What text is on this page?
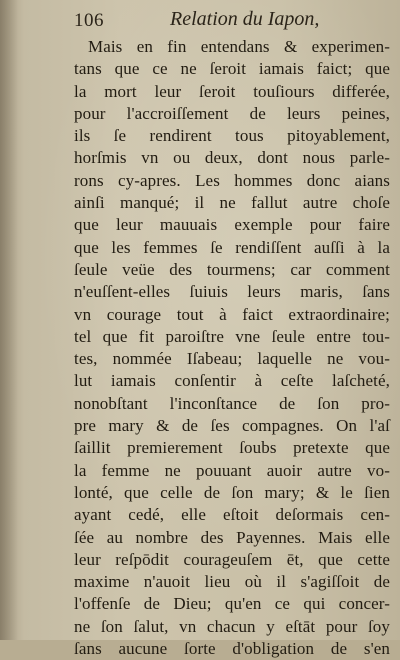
106	Relation du Iapon,
Mais en fin entendans & experimen-
tans que ce ne ſeroit iamais faict; que
la mort leur ſeroit touſiours differée,
pour l'accroiſſement de leurs peines,
ils ſe rendirent tous pitoyablement,
horſmis vn ou deux, dont nous parle-
rons cy-apres. Les hommes donc aians
ainſi manqué; il ne fallut autre choſe
que leur mauuais exemple pour faire
que les femmes ſe rendiſſent auſſi à la
ſeule veüe des tourmens; car comment
n'euſſent-elles ſuiuis leurs maris, ſans
vn courage tout à faict extraordinaire;
tel que fit paroiſtre vne ſeule entre tou-
tes, nommée Iſabeau; laquelle ne vou-
lut iamais conſentir à ceſte laſcheté,
nonobſtant l'inconſtance de ſon pro-
pre mary & de ſes compagnes. On l'aſ
ſaillit premierement ſoubs pretexte que
la femme ne pouuant auoir autre vo-
lonté, que celle de ſon mary; & le ſien
ayant cedé, elle eſtoit deſormais cen-
ſée au nombre des Payennes. Mais elle
leur reſpōdit courageuſem ēt, que cette
maxime n'auoit lieu où il s'agiſſoit de
l'offenſe de Dieu; qu'en ce qui concer-
ne ſon ſalut, vn chacun y eſtāt pour ſoy
ſans aucune ſorte d'obligation de s'en
